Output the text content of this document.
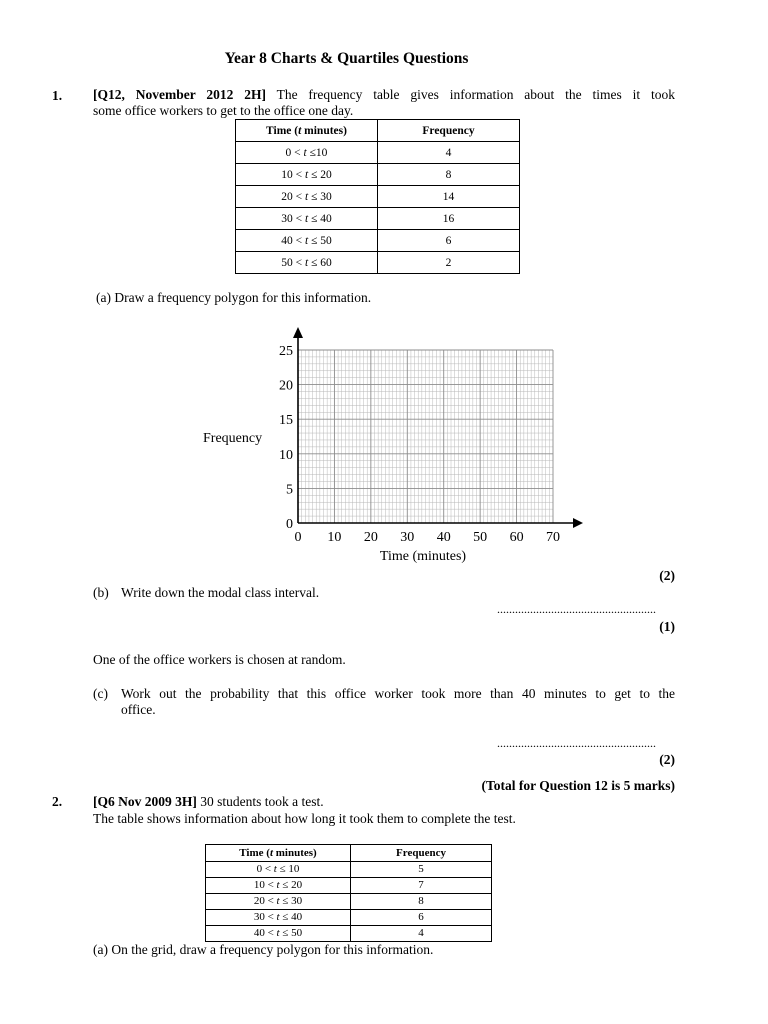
Year 8 Charts & Quartiles Questions
1. [Q12, November 2012 2H] The frequency table gives information about the times it took
some office workers to get to the office one day.
Time (t minutes)	Frequency
0 < t ≤10	4
10 < t ≤ 20	8
20 < t ≤ 30	14
30 < t ≤ 40	16
40 < t ≤ 50	6
50 < t ≤ 60	2
(a) Draw a frequency polygon for this information.
25
20
15
10
5
0
0 10 20 30 40 50 60 70
Frequency
Time (minutes)
(2)
(b) Write down the modal class interval.
.....................................................
(1)
One of the office workers is chosen at random.
(c) Work out the probability that this office worker took more than 40 minutes to get to the
office.
.....................................................
(2)
(Total for Question 12 is 5 marks)
2. [Q6 Nov 2009 3H] 30 students took a test.
The table shows information about how long it took them to complete the test.
Time (t minutes)	Frequency
0 < t ≤ 10	5
10 < t ≤ 20	7
20 < t ≤ 30	8
30 < t ≤ 40	6
40 < t ≤ 50	4
(a) On the grid, draw a frequency polygon for this information.
